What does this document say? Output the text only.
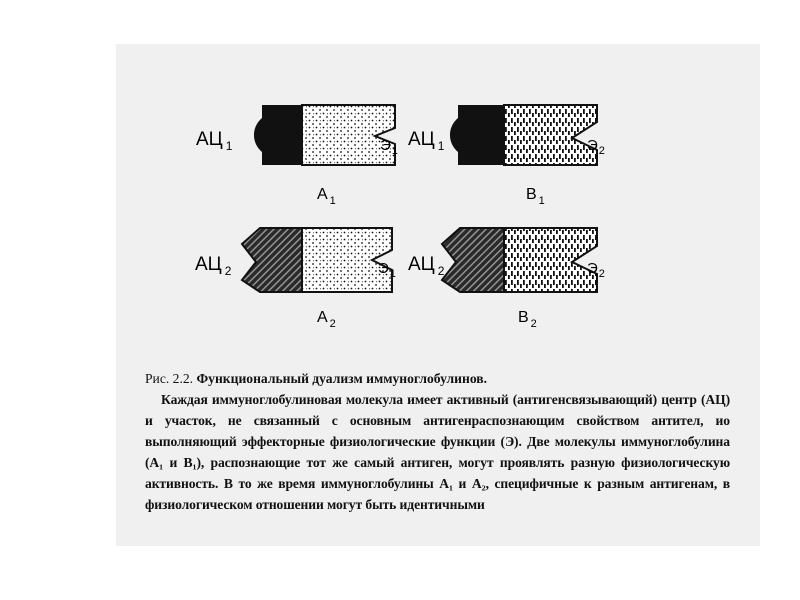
АЦ $_1$	$Э_1$
A $_1$
АЦ $_1$	$Э_2$
B $_1$
АЦ $_2$	$Э_1$
A $_2$
АЦ $_2$	$Э_2$
B $_2$

Рис. 2.2. Функциональный дуализм иммуноглобулинов.

Каждая иммуноглобулиновая молекула имеет активный (антигенсвязывающий) центр (АЦ) и участок, не связанный с основным антигенраспознающим свойством антител, ио выполняющий эффекторные физиологические функции (Э). Две молекулы иммуноглобулина (A₁ и B₁), распознающие тот же самый антиген, могут проявлять разную физиологическую активность. В то же время иммуноглобулины A₁ и A₂, специфичные к разным антигенам, в физиологическом отношении могут быть идентичными
